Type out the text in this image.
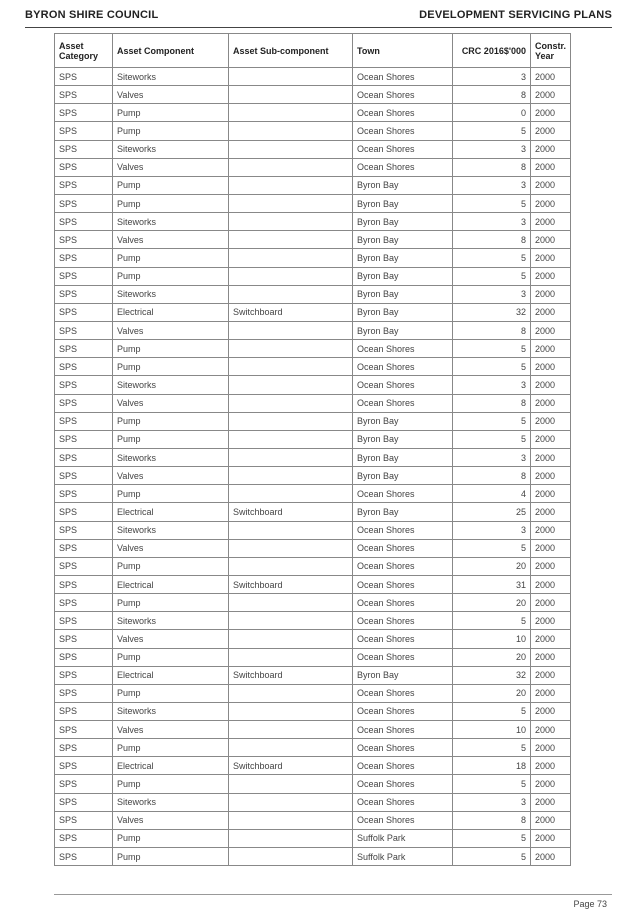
BYRON SHIRE COUNCIL	DEVELOPMENT SERVICING PLANS
Asset Category	Asset Component	Asset Sub-component	Town	CRC 2016$'000	Constr. Year
SPS	Siteworks		Ocean Shores	3	2000
SPS	Valves		Ocean Shores	8	2000
SPS	Pump		Ocean Shores	0	2000
SPS	Pump		Ocean Shores	5	2000
SPS	Siteworks		Ocean Shores	3	2000
SPS	Valves		Ocean Shores	8	2000
SPS	Pump		Byron Bay	3	2000
SPS	Pump		Byron Bay	5	2000
SPS	Siteworks		Byron Bay	3	2000
SPS	Valves		Byron Bay	8	2000
SPS	Pump		Byron Bay	5	2000
SPS	Pump		Byron Bay	5	2000
SPS	Siteworks		Byron Bay	3	2000
SPS	Electrical	Switchboard	Byron Bay	32	2000
SPS	Valves		Byron Bay	8	2000
SPS	Pump		Ocean Shores	5	2000
SPS	Pump		Ocean Shores	5	2000
SPS	Siteworks		Ocean Shores	3	2000
SPS	Valves		Ocean Shores	8	2000
SPS	Pump		Byron Bay	5	2000
SPS	Pump		Byron Bay	5	2000
SPS	Siteworks		Byron Bay	3	2000
SPS	Valves		Byron Bay	8	2000
SPS	Pump		Ocean Shores	4	2000
SPS	Electrical	Switchboard	Byron Bay	25	2000
SPS	Siteworks		Ocean Shores	3	2000
SPS	Valves		Ocean Shores	5	2000
SPS	Pump		Ocean Shores	20	2000
SPS	Electrical	Switchboard	Ocean Shores	31	2000
SPS	Pump		Ocean Shores	20	2000
SPS	Siteworks		Ocean Shores	5	2000
SPS	Valves		Ocean Shores	10	2000
SPS	Pump		Ocean Shores	20	2000
SPS	Electrical	Switchboard	Byron Bay	32	2000
SPS	Pump		Ocean Shores	20	2000
SPS	Siteworks		Ocean Shores	5	2000
SPS	Valves		Ocean Shores	10	2000
SPS	Pump		Ocean Shores	5	2000
SPS	Electrical	Switchboard	Ocean Shores	18	2000
SPS	Pump		Ocean Shores	5	2000
SPS	Siteworks		Ocean Shores	3	2000
SPS	Valves		Ocean Shores	8	2000
SPS	Pump		Suffolk Park	5	2000
SPS	Pump		Suffolk Park	5	2000
Page 73
